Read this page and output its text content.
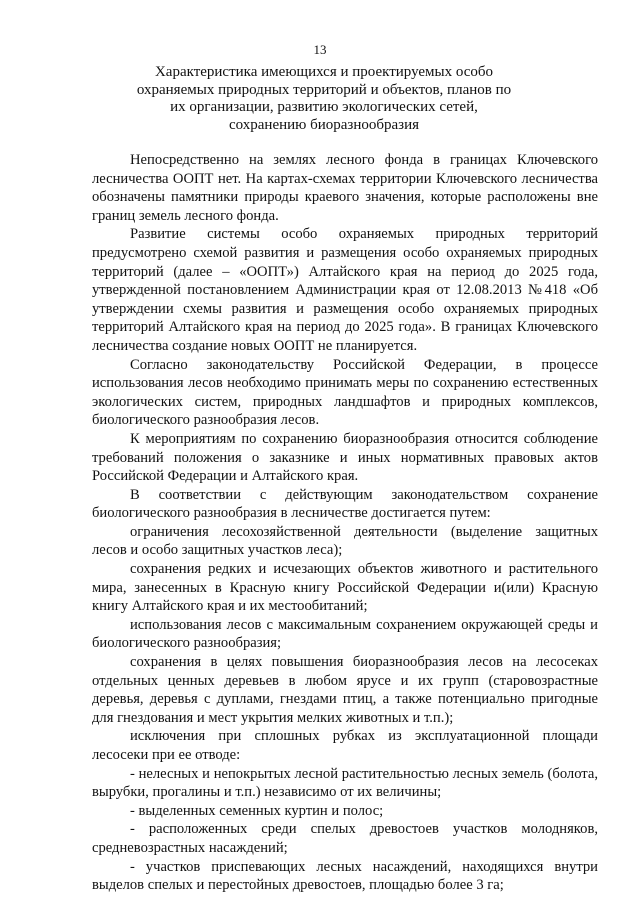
13
Характеристика имеющихся и проектируемых особо
охраняемых природных территорий и объектов, планов по
их организации, развитию экологических сетей,
сохранению биоразнообразия

Непосредственно на землях лесного фонда в границах Ключевского лесничества ООПТ нет. На картах-схемах территории Ключевского лесничества обозначены памятники природы краевого значения, которые расположены вне границ земель лесного фонда.

Развитие системы особо охраняемых природных территорий предусмотрено схемой развития и размещения особо охраняемых природных территорий (далее – «ООПТ») Алтайского края на период до 2025 года, утвержденной постановлением Администрации края от 12.08.2013 №418 «Об утверждении схемы развития и размещения особо охраняемых природных территорий Алтайского края на период до 2025 года». В границах Ключевского лесничества создание новых ООПТ не планируется.

Согласно законодательству Российской Федерации, в процессе использования лесов необходимо принимать меры по сохранению естественных экологических систем, природных ландшафтов и природных комплексов, биологического разнообразия лесов.

К мероприятиям по сохранению биоразнообразия относится соблюдение требований положения о заказнике и иных нормативных правовых актов Российской Федерации и Алтайского края.

В соответствии с действующим законодательством сохранение биологического разнообразия в лесничестве достигается путем:

ограничения лесохозяйственной деятельности (выделение защитных лесов и особо защитных участков леса);

сохранения редких и исчезающих объектов животного и растительного мира, занесенных в Красную книгу Российской Федерации и(или) Красную книгу Алтайского края и их местообитаний;

использования лесов с максимальным сохранением окружающей среды и биологического разнообразия;

сохранения в целях повышения биоразнообразия лесов на лесосеках отдельных ценных деревьев в любом ярусе и их групп (старовозрастные деревья, деревья с дуплами, гнездами птиц, а также потенциально пригодные для гнездования и мест укрытия мелких животных и т.п.);

исключения при сплошных рубках из эксплуатационной площади лесосеки при ее отводе:

- нелесных и непокрытых лесной растительностью лесных земель (болота, вырубки, прогалины и т.п.) независимо от их величины;

- выделенных семенных куртин и полос;

- расположенных среди спелых древостоев участков молодняков, средневозрастных насаждений;

- участков приспевающих лесных насаждений, находящихся внутри выделов спелых и перестойных древостоев, площадью более 3 га;
